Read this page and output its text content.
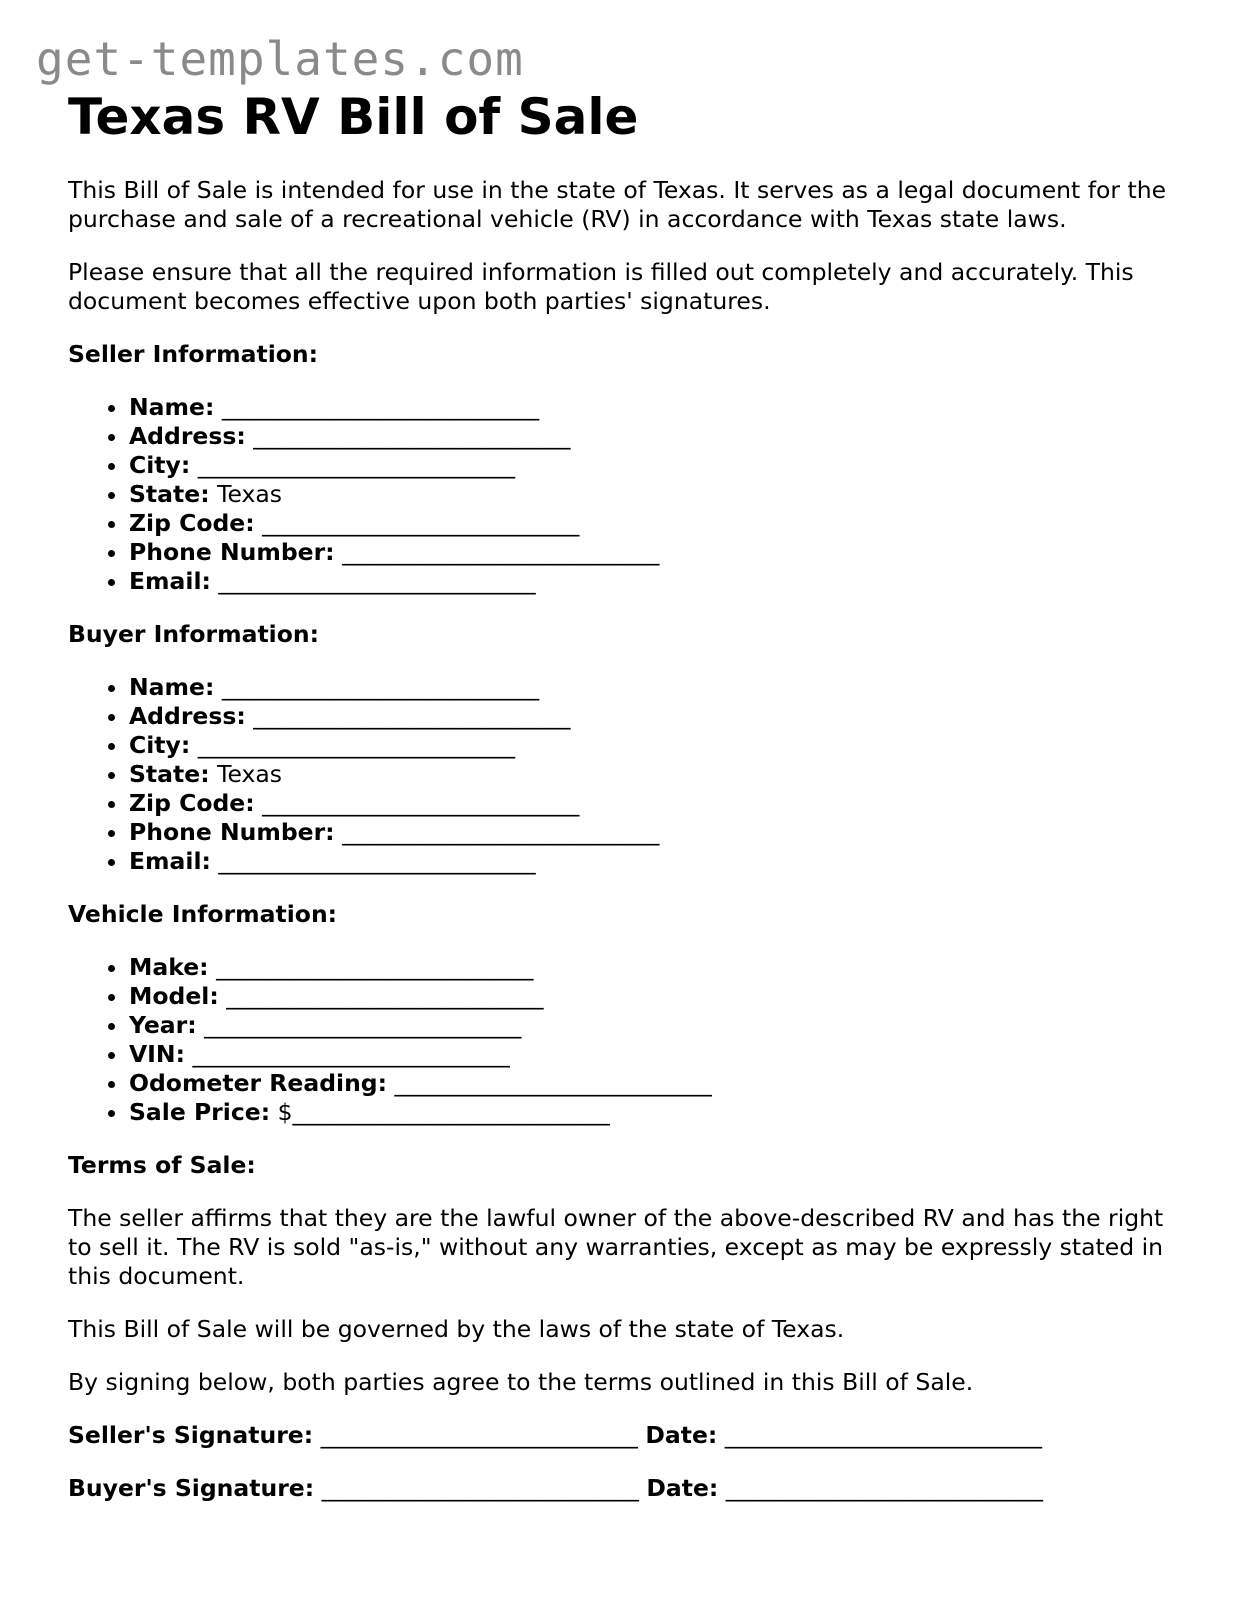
get-templates.com
Texas RV Bill of Sale

This Bill of Sale is intended for use in the state of Texas. It serves as a legal document for the purchase and sale of a recreational vehicle (RV) in accordance with Texas state laws.

Please ensure that all the required information is filled out completely and accurately. This document becomes effective upon both parties' signatures.

Seller Information:
• Name: ___________________________
• Address: ___________________________
• City: ___________________________
• State: Texas
• Zip Code: ___________________________
• Phone Number: ___________________________
• Email: ___________________________
Buyer Information:
• Name: ___________________________
• Address: ___________________________
• City: ___________________________
• State: Texas
• Zip Code: ___________________________
• Phone Number: ___________________________
• Email: ___________________________
Vehicle Information:
• Make: ___________________________
• Model: ___________________________
• Year: ___________________________
• VIN: ___________________________
• Odometer Reading: ___________________________
• Sale Price: $___________________________
Terms of Sale:

The seller affirms that they are the lawful owner of the above-described RV and has the right to sell it. The RV is sold "as-is," without any warranties, except as may be expressly stated in this document.

This Bill of Sale will be governed by the laws of the state of Texas.

By signing below, both parties agree to the terms outlined in this Bill of Sale.

Seller's Signature: ___________________________ Date: ___________________________
Buyer's Signature: ___________________________ Date: ___________________________
